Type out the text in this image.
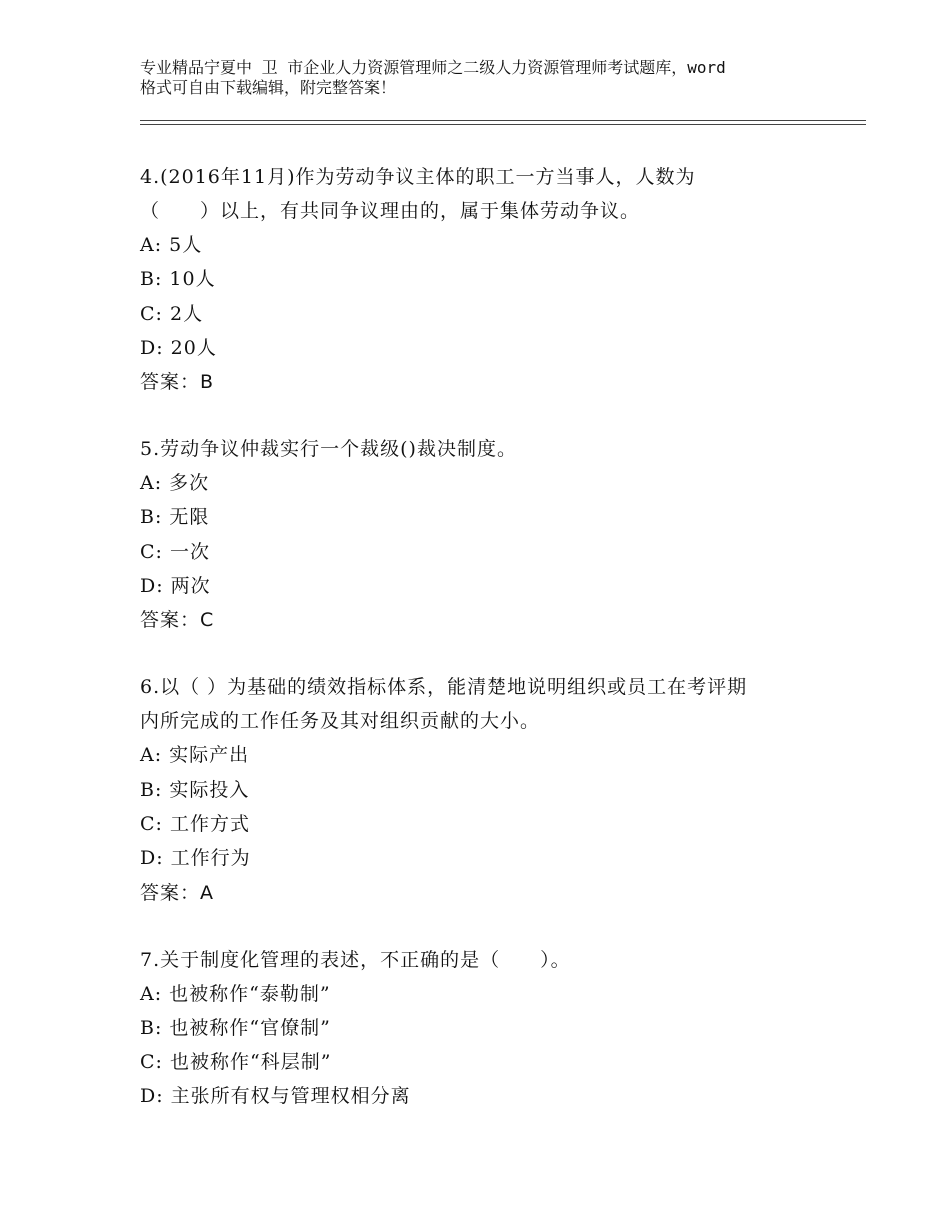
专业精品宁夏中 卫 市企业人力资源管理师之二级人力资源管理师考试题库，word
格式可自由下载编辑，附完整答案！
4.(2016年11月)作为劳动争议主体的职工一方当事人，人数为
（　　）以上，有共同争议理由的，属于集体劳动争议。
A: 5人
B: 10人
C: 2人
D: 20人
答案：B
5.劳动争议仲裁实行一个裁级()裁决制度。
A: 多次
B: 无限
C: 一次
D: 两次
答案：C
6.以（ ）为基础的绩效指标体系，能清楚地说明组织或员工在考评期
内所完成的工作任务及其对组织贡献的大小。
A: 实际产出
B: 实际投入
C: 工作方式
D: 工作行为
答案：A
7.关于制度化管理的表述，不正确的是（　　）。
A: 也被称作“泰勒制”
B: 也被称作“官僚制”
C: 也被称作“科层制”
D: 主张所有权与管理权相分离
